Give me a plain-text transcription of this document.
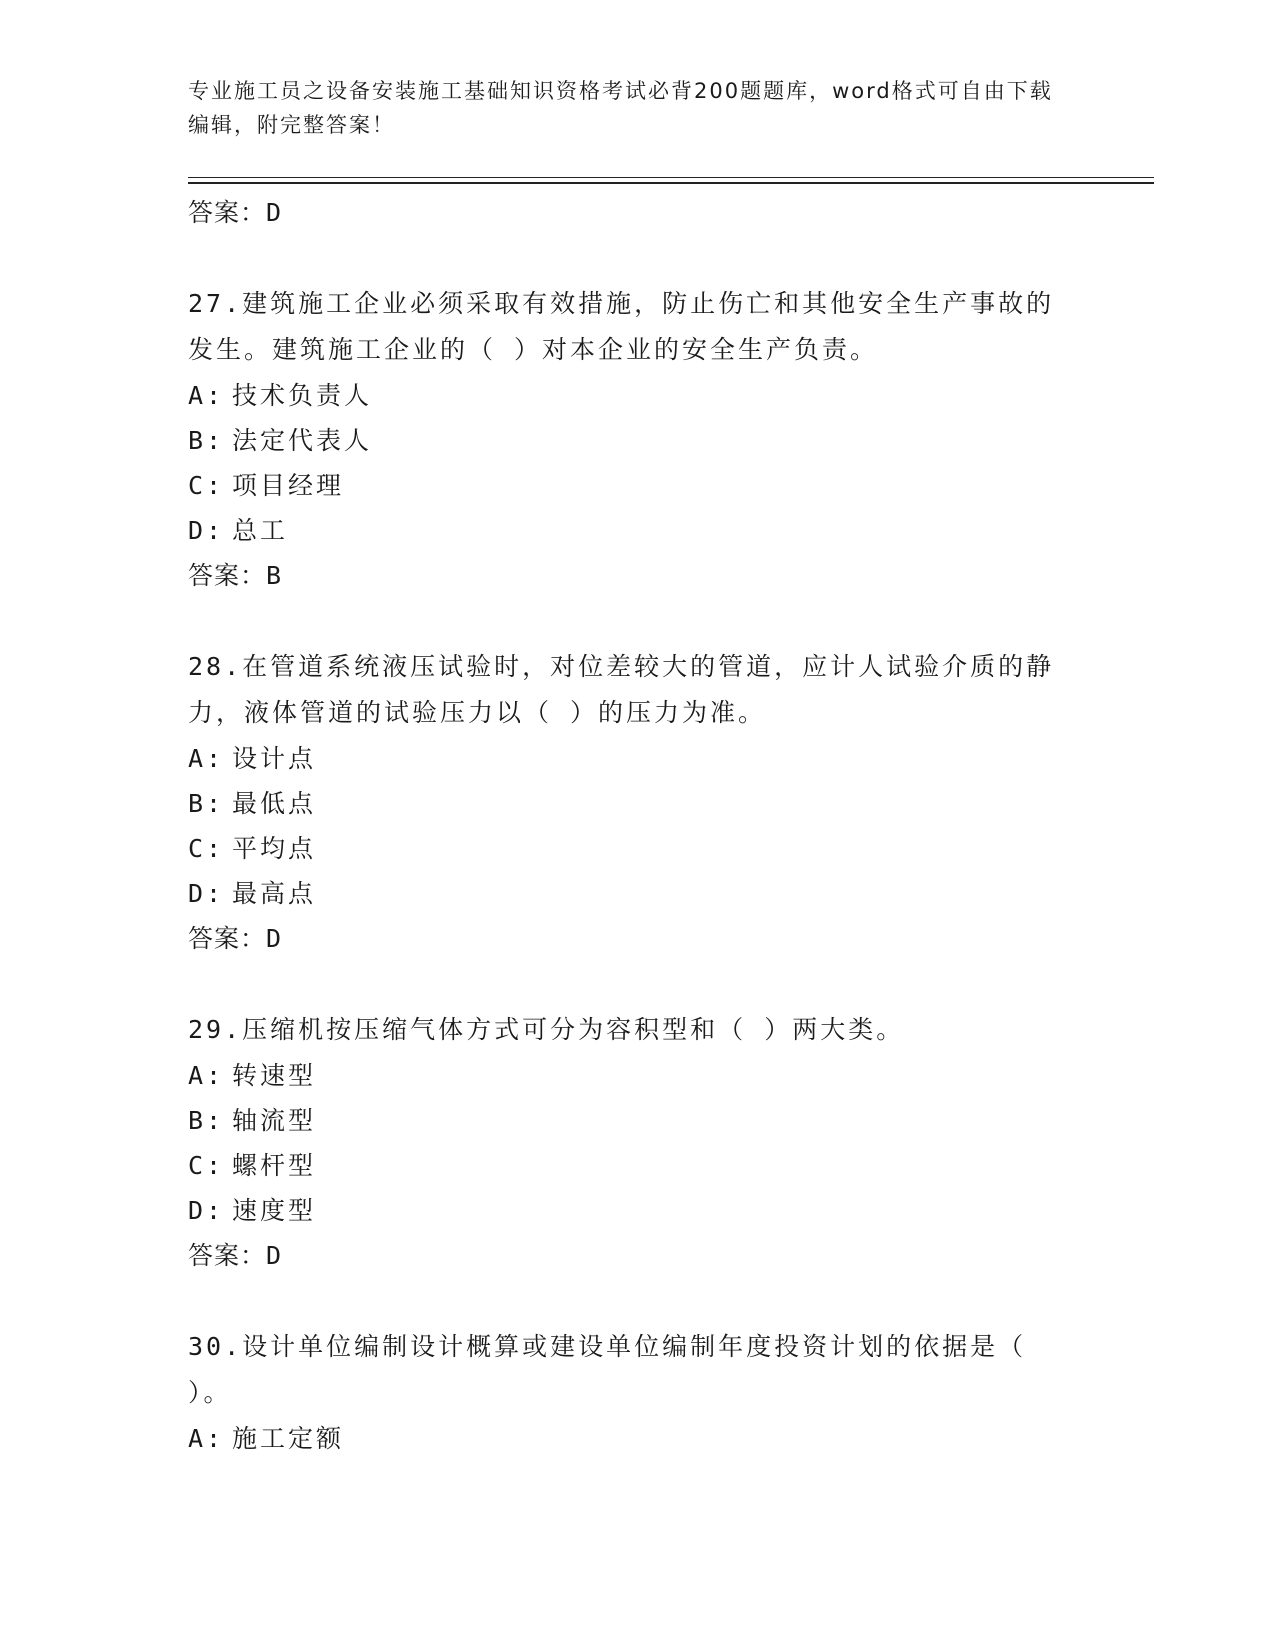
专业施工员之设备安装施工基础知识资格考试必背200题题库，word格式可自由下载编辑，附完整答案！
答案：D
27.建筑施工企业必须采取有效措施，防止伤亡和其他安全生产事故的发生。建筑施工企业的（ ）对本企业的安全生产负责。
A: 技术负责人
B: 法定代表人
C: 项目经理
D: 总工
答案：B
28.在管道系统液压试验时，对位差较大的管道，应计人试验介质的静力，液体管道的试验压力以（ ）的压力为准。
A: 设计点
B: 最低点
C: 平均点
D: 最高点
答案：D
29.压缩机按压缩气体方式可分为容积型和（ ）两大类。
A: 转速型
B: 轴流型
C: 螺杆型
D: 速度型
答案：D
30.设计单位编制设计概算或建设单位编制年度投资计划的依据是（ ）。
A: 施工定额
